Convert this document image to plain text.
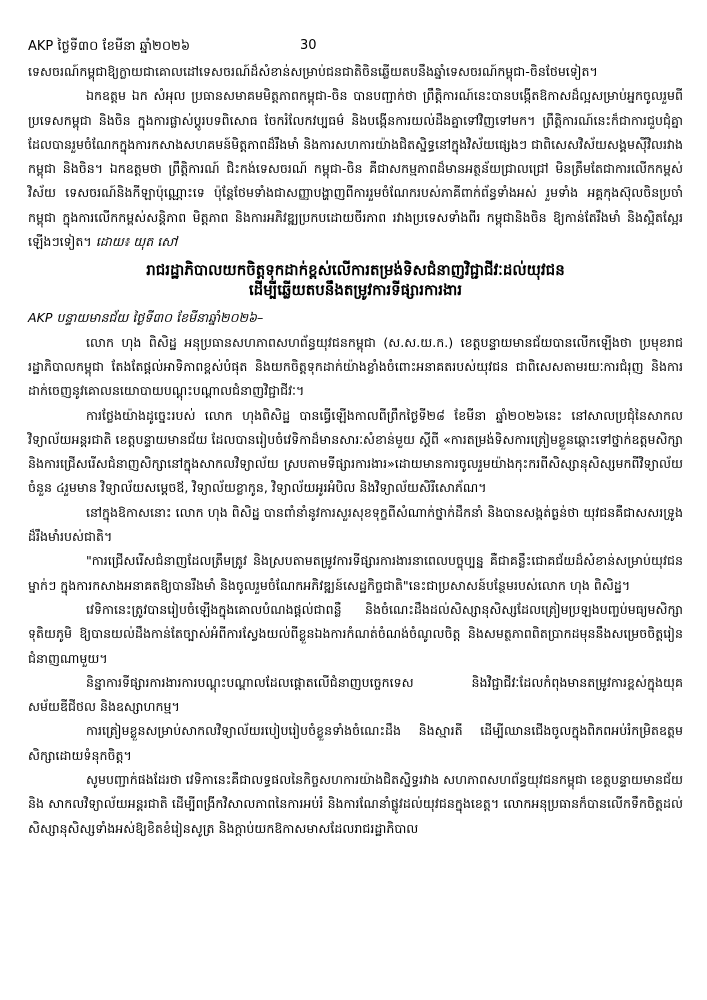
AKP ថ្ងៃទី៣០ ខែមីនា ឆ្នាំ២០២៦	30

ទេសចរណ៍កម្ពុជាឱ្យក្លាយជាគោលដៅទេសចរណ៍ដ៏សំខាន់សម្រាប់ជនជាតិចិនឆ្លើយតបនឹងឆ្នាំទេសចរណ៍កម្ពុជា-ចិនថែមទៀត។

ឯកឧត្តម ឯក សំអុល ប្រធានសមាគមមិត្តភាពកម្ពុជា-ចិន បានបញ្ជាក់ថា ព្រឹត្តិការណ៍នេះបានបង្កើតឱកាសដ៏ល្អសម្រាប់អ្នកចូលរួមពីប្រទេសកម្ពុជា និងចិន ក្នុងការផ្លាស់ប្តូរបទពិសោធ ចែករំលែកវប្បធម៌ និងបង្កើនការយល់ដឹងគ្នាទៅវិញទៅមក។ ព្រឹត្តិការណ៍នេះក៏ជាការជួបជុំគ្នាដែលបានរួមចំណែកក្នុងការកសាងសហគមន៍មិត្តភាពដ៏រឹងមាំ និងការសហការយ៉ាងជិតស្និទ្ធនៅក្នុងវិស័យផ្សេងៗ ជាពិសេសវិស័យសង្គមស៊ីវិលរវាងកម្ពុជា និងចិន។ ឯកឧត្តមថា ព្រឹត្តិការណ៍ ជិះកង់ទេសចរណ៍ កម្ពុជា-ចិន គឺជាសកម្មភាពដ៏មានអត្ថន័យជ្រាលជ្រៅ មិនត្រឹមតែជាការលើកកម្ពស់វិស័យ ទេសចរណ៍និងកីឡាប៉ុណ្ណោះទេ ប៉ុន្តែថែមទាំងជាសញ្ញាបង្ហាញពីការរួមចំណែករបស់ភាគីពាក់ព័ន្ធទាំងអស់ រួមទាំង អគ្គកុងស៊ុលចិនប្រចាំកម្ពុជា ក្នុងការលើកកម្ពស់សន្តិភាព មិត្តភាព និងការអភិវឌ្ឍប្រកបដោយចីរភាព រវាងប្រទេសទាំងពីរ កម្ពុជានិងចិន ឱ្យកាន់តែរឹងមាំ និងស្អិតស្អែរឡើងៗទៀត។ ដោយ៖ យុត សៅ

រាជរដ្ឋាភិបាលយកចិត្តទុកដាក់ខ្ពស់លើការតម្រង់ទិសជំនាញវិជ្ជាជីវៈដល់យុវជន
ដើម្បីឆ្លើយតបនឹងតម្រូវការទីផ្សារការងារ

AKP បន្ទាយមានជ័យ ថ្ងៃទី៣០ ខែមីនាឆ្នាំ២០២៦–

លោក ហុង ពិសិដ្ឋ អនុប្រធានសហភាពសហព័ន្ធយុវជនកម្ពុជា (ស.ស.យ.ក.) ខេត្តបន្ទាយមានជ័យបានលើកឡើងថា ប្រមុខរាជរដ្ឋាភិបាលកម្ពុជា តែងតែផ្តល់អាទិភាពខ្ពស់បំផុត និងយកចិត្តទុកដាក់យ៉ាងខ្លាំងចំពោះអនាគតរបស់យុវជន ជាពិសេសតាមរយៈការជំរុញ និងការដាក់ចេញនូវគោលនយោបាយបណ្តុះបណ្តាលជំនាញវិជ្ជាជីវៈ។

ការថ្លែងយ៉ាងដូច្នេះរបស់ លោក ហុងពិសិដ្ឋ បានធ្វើឡើងកាលពីព្រឹកថ្ងៃទី២៨ ខែមីនា ឆ្នាំ២០២៦នេះ នៅសាលប្រជុំនៃសាកលវិទ្យាល័យអន្តរជាតិ ខេត្តបន្ទាយមានជ័យ ដែលបានរៀបចំវេទិកាដ៏មានសារៈសំខាន់មួយ ស្តីពី «ការតម្រង់ទិសការត្រៀមខ្លួនឆ្ពោះទៅថ្នាក់ឧត្តមសិក្សា និងការជ្រើសរើសជំនាញសិក្សានៅក្នុងសាកលវិទ្យាល័យ ស្របតាមទីផ្សារការងារ»ដោយមានការចូលរួមយ៉ាងកុះករពីសិស្សានុសិស្សមកពីវិទ្យាល័យចំនួន ៤រួមមាន វិទ្យាល័យសម្តេចឪ, វិទ្យាល័យខ្លាកូន, វិទ្យាល័យអូរអំបិល និងវិទ្យាល័យសិរីសោភ័ណ។

នៅក្នុងឱកាសនោះ លោក ហុង ពិសិដ្ឋ បានពាំនាំនូវការសួរសុខទុក្ខពីសំណាក់ថ្នាក់ដឹកនាំ និងបានសង្កត់ធ្ងន់ថា យុវជនគឺជាសសរទ្រូងដ៏រឹងមាំរបស់ជាតិ។

"ការជ្រើសរើសជំនាញដែលត្រឹមត្រូវ និងស្របតាមតម្រូវការទីផ្សារការងារនាពេលបច្ចុប្បន្ន គឺជាគន្លឹះជោគជ័យដ៏សំខាន់សម្រាប់យុវជនម្នាក់ៗ ក្នុងការកសាងអនាគតឱ្យបានរឹងមាំ និងចូលរួមចំណែកអភិវឌ្ឍន៍សេដ្ឋកិច្ចជាតិ"នេះជាប្រសាសន៍បន្ថែមរបស់លោក ហុង ពិសិដ្ឋ។

វេទិកានេះត្រូវបានរៀបចំឡើងក្នុងគោលបំណងផ្តល់ជាពន្លឺ និងចំណេះដឹងដល់សិស្សានុសិស្សដែលត្រៀមប្រឡងបញ្ចប់មធ្យមសិក្សាទុតិយភូមិ ឱ្យបានយល់ដឹងកាន់តែច្បាស់អំពីការស្វែងយល់ពីខ្លួនឯងការកំណត់ចំណង់ចំណូលចិត្ត និងសមត្ថភាពពិតប្រាកដមុននឹងសម្រេចចិត្តរៀនជំនាញណាមួយ។

និន្នាការទីផ្សារការងារការបណ្តុះបណ្តាលដែលផ្តោតលើជំនាញបច្ចេកទេស និងវិជ្ជាជីវៈដែលកំពុងមានតម្រូវការខ្ពស់ក្នុងយុគសម័យឌីជីថល និងឧស្សាហកម្ម។

ការត្រៀមខ្លួនសម្រាប់សាកលវិទ្យាល័យរបៀបរៀបចំខ្លួនទាំងចំណេះដឹង និងស្មារតី ដើម្បីឈានជើងចូលក្នុងពិភពអប់រំកម្រិតឧត្តមសិក្សាដោយទំនុកចិត្ត។

សូមបញ្ជាក់ផងដែរថា វេទិកានេះគឺជាលទ្ធផលនៃកិច្ចសហការយ៉ាងជិតស្និទ្ធរវាង សហភាពសហព័ន្ធយុវជនកម្ពុជា ខេត្តបន្ទាយមានជ័យនិង សាកលវិទ្យាល័យអន្តរជាតិ ដើម្បីពង្រីកវិសាលភាពនៃការអប់រំ និងការណែនាំផ្លូវដល់យុវជនក្នុងខេត្ត។ លោកអនុប្រធានក៏បានលើកទឹកចិត្តដល់សិស្សានុសិស្សទាំងអស់ឱ្យខិតខំរៀនសូត្រ និងក្តាប់យកឱកាសមាសដែលរាជរដ្ឋាភិបាល
